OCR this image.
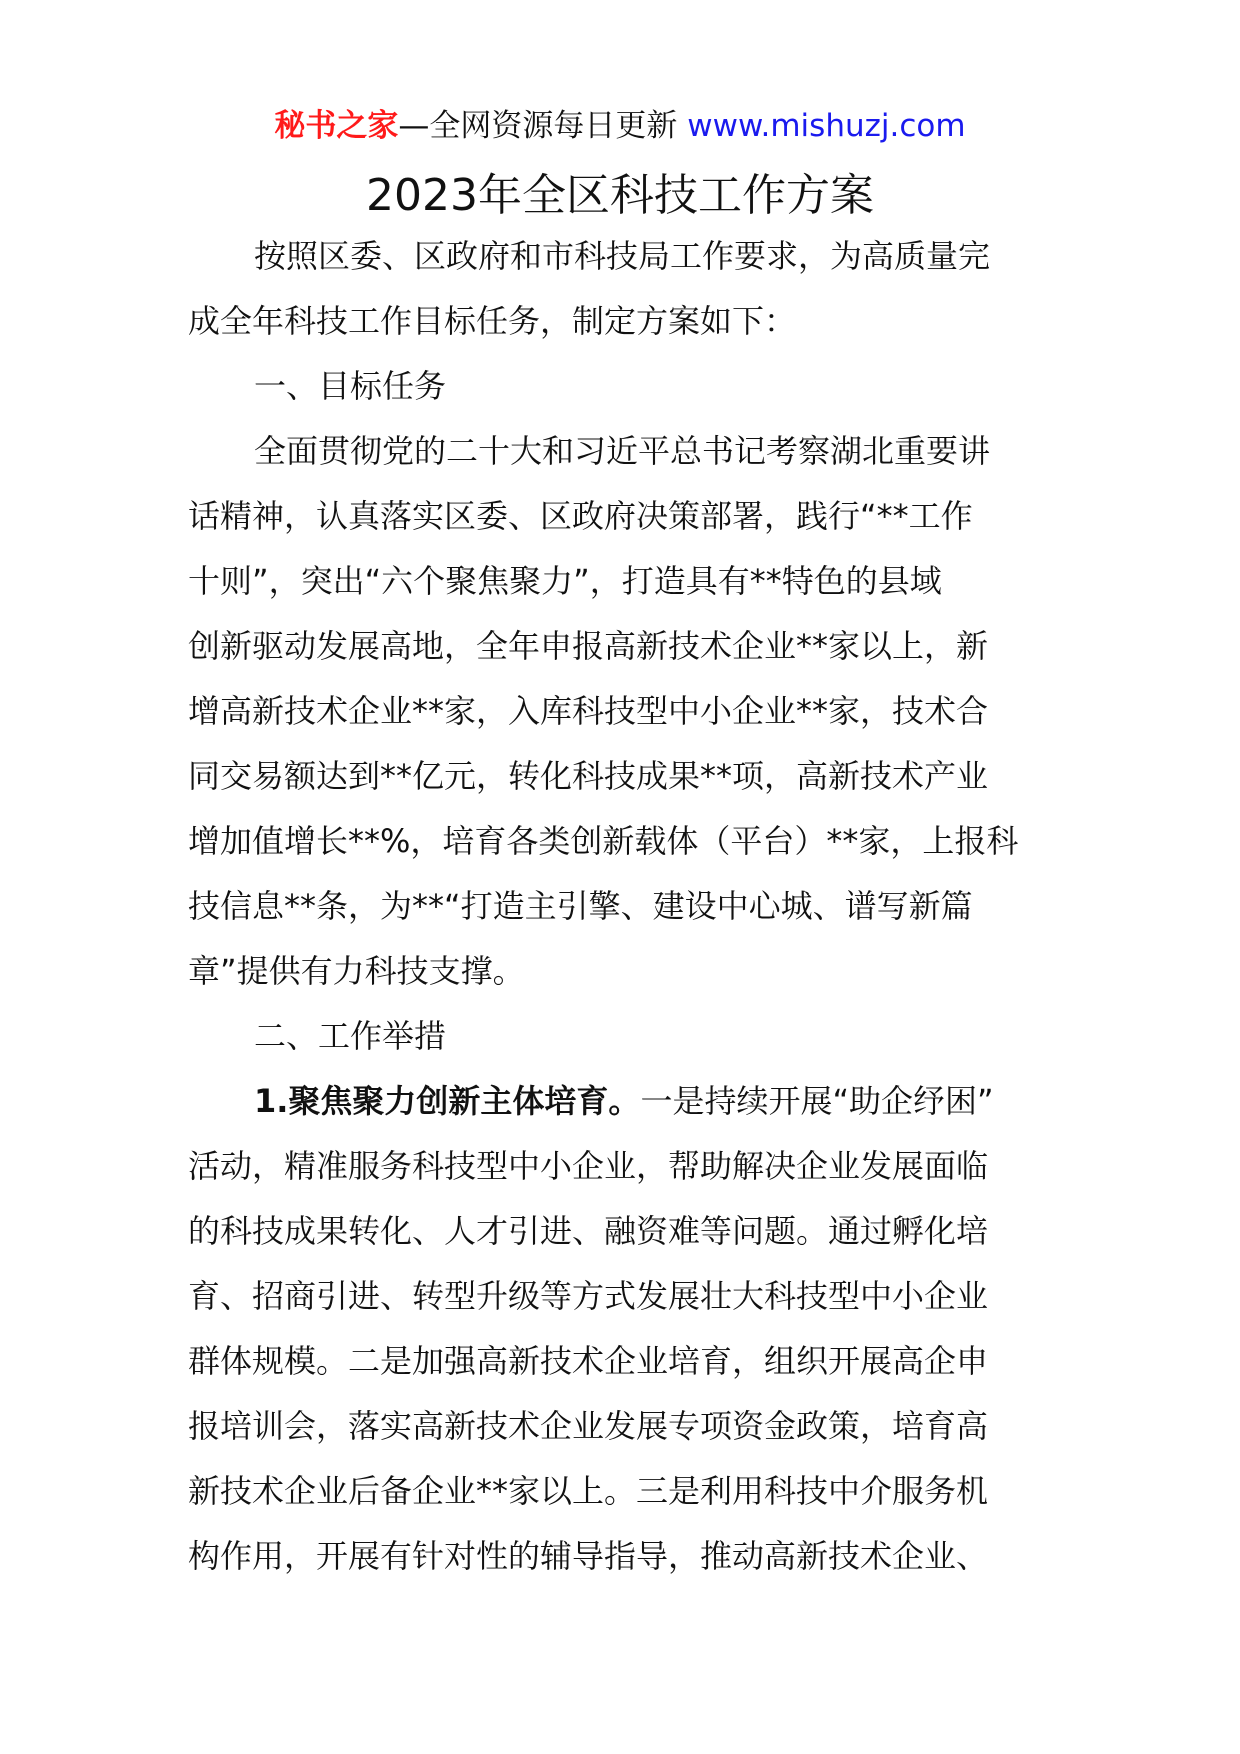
秘书之家—全网资源每日更新 www.mishuzj.com
2023年全区科技工作方案
按照区委、区政府和市科技局工作要求，为高质量完
成全年科技工作目标任务，制定方案如下：
一、目标任务
全面贯彻党的二十大和习近平总书记考察湖北重要讲
话精神，认真落实区委、区政府决策部署，践行“**工作
十则”，突出“六个聚焦聚力”，打造具有**特色的县域
创新驱动发展高地，全年申报高新技术企业**家以上，新
增高新技术企业**家，入库科技型中小企业**家，技术合
同交易额达到**亿元，转化科技成果**项，高新技术产业
增加值增长**%，培育各类创新载体（平台）**家，上报科
技信息**条，为**“打造主引擎、建设中心城、谱写新篇
章”提供有力科技支撑。
二、工作举措
1.聚焦聚力创新主体培育。一是持续开展“助企纾困”
活动，精准服务科技型中小企业，帮助解决企业发展面临
的科技成果转化、人才引进、融资难等问题。通过孵化培
育、招商引进、转型升级等方式发展壮大科技型中小企业
群体规模。二是加强高新技术企业培育，组织开展高企申
报培训会，落实高新技术企业发展专项资金政策，培育高
新技术企业后备企业**家以上。三是利用科技中介服务机
构作用，开展有针对性的辅导指导，推动高新技术企业、
